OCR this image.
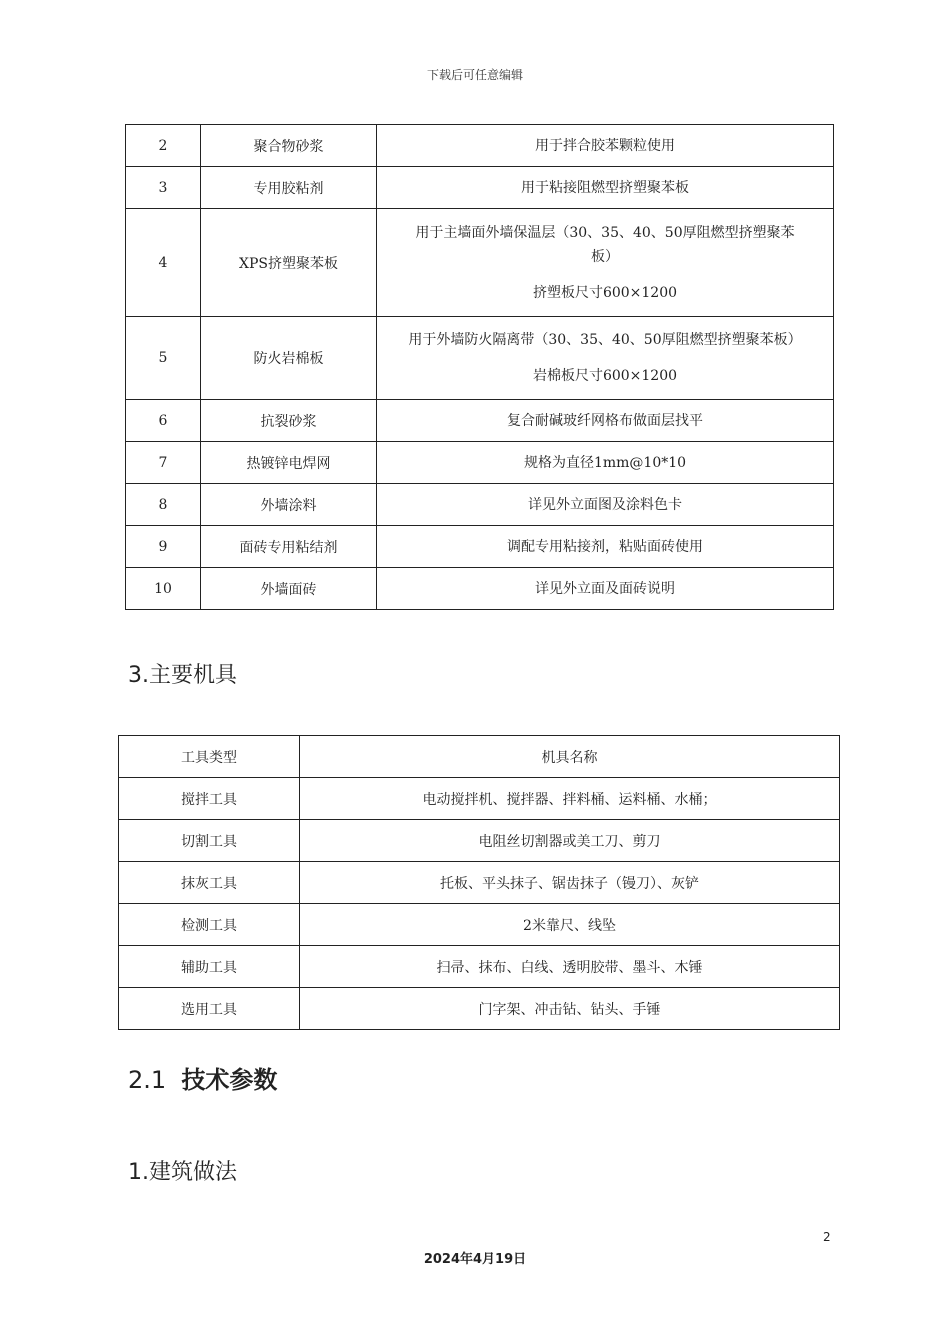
下载后可任意编辑
2	聚合物砂浆	用于拌合胶苯颗粒使用

3	专用胶粘剂	用于粘接阻燃型挤塑聚苯板

4	XPS挤塑聚苯板	用于主墙面外墙保温层（30、35、40、50厚阻燃型挤塑聚苯
板）
挤塑板尺寸600×1200

5	防火岩棉板	用于外墙防火隔离带（30、35、40、50厚阻燃型挤塑聚苯板）
岩棉板尺寸600×1200

6	抗裂砂浆	复合耐碱玻纤网格布做面层找平

7	热镀锌电焊网	规格为直径1mm@10*10

8	外墙涂料	详见外立面图及涂料色卡

9	面砖专用粘结剂	调配专用粘接剂，粘贴面砖使用

10	外墙面砖	详见外立面及面砖说明
3.主要机具
工具类型	机具名称
搅拌工具	电动搅拌机、搅拌器、拌料桶、运料桶、水桶；
切割工具	电阻丝切割器或美工刀、剪刀
抹灰工具	托板、平头抹子、锯齿抹子（镘刀）、灰铲
检测工具	2米靠尺、线坠
辅助工具	扫帚、抹布、白线、透明胶带、墨斗、木锤
选用工具	门字架、冲击钻、钻头、手锤
2.1 技术参数
1.建筑做法
2
2024年4月19日
